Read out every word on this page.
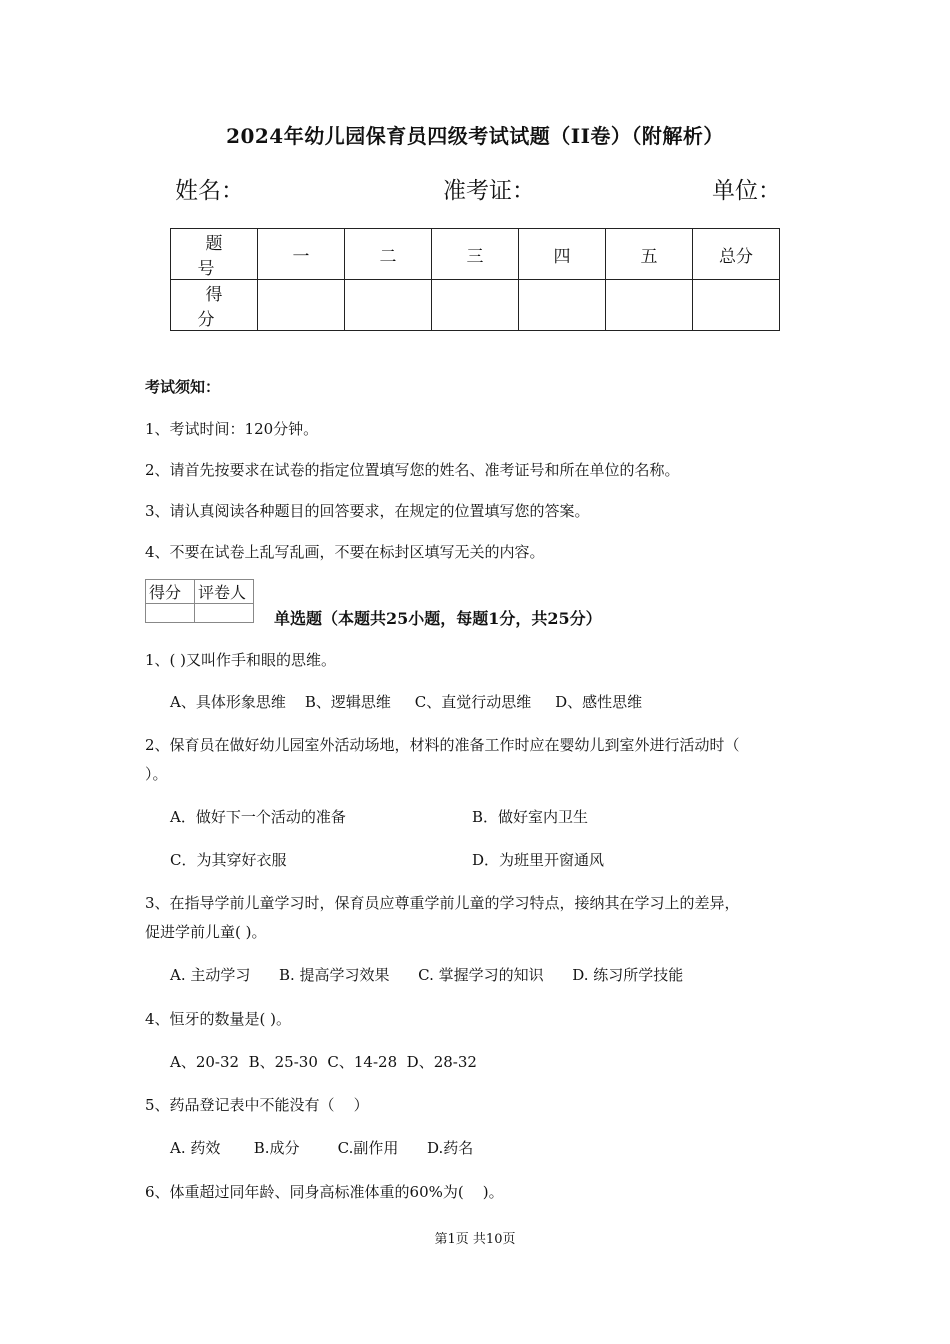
2024年幼儿园保育员四级考试试题（II卷）（附解析）
姓名：	准考证：	单位：
题　号	一	二	三	四	五	总分
得　分						
考试须知：
1、考试时间：120分钟。
2、请首先按要求在试卷的指定位置填写您的姓名、准考证号和所在单位的名称。
3、请认真阅读各种题目的回答要求，在规定的位置填写您的答案。
4、不要在试卷上乱写乱画，不要在标封区填写无关的内容。
得分	评卷人

单选题（本题共25小题，每题1分，共25分）
1、( )又叫作手和眼的思维。
A、具体形象思维    B、逻辑思维     C、直觉行动思维     D、感性思维
2、保育员在做好幼儿园室外活动场地，材料的准备工作时应在婴幼儿到室外进行活动时（
）。
A．做好下一个活动的准备	B．做好室内卫生
C．为其穿好衣服	D．为班里开窗通风
3、在指导学前儿童学习时，保育员应尊重学前儿童的学习特点，接纳其在学习上的差异，
促进学前儿童( )。
A. 主动学习      B. 提高学习效果      C. 掌握学习的知识      D. 练习所学技能
4、恒牙的数量是( )。
A、20-32  B、25-30  C、14-28  D、28-32
5、药品登记表中不能没有（    ）
A. 药效       B.成分        C.副作用      D.药名
6、体重超过同年龄、同身高标准体重的60%为(    )。
第1页 共10页
